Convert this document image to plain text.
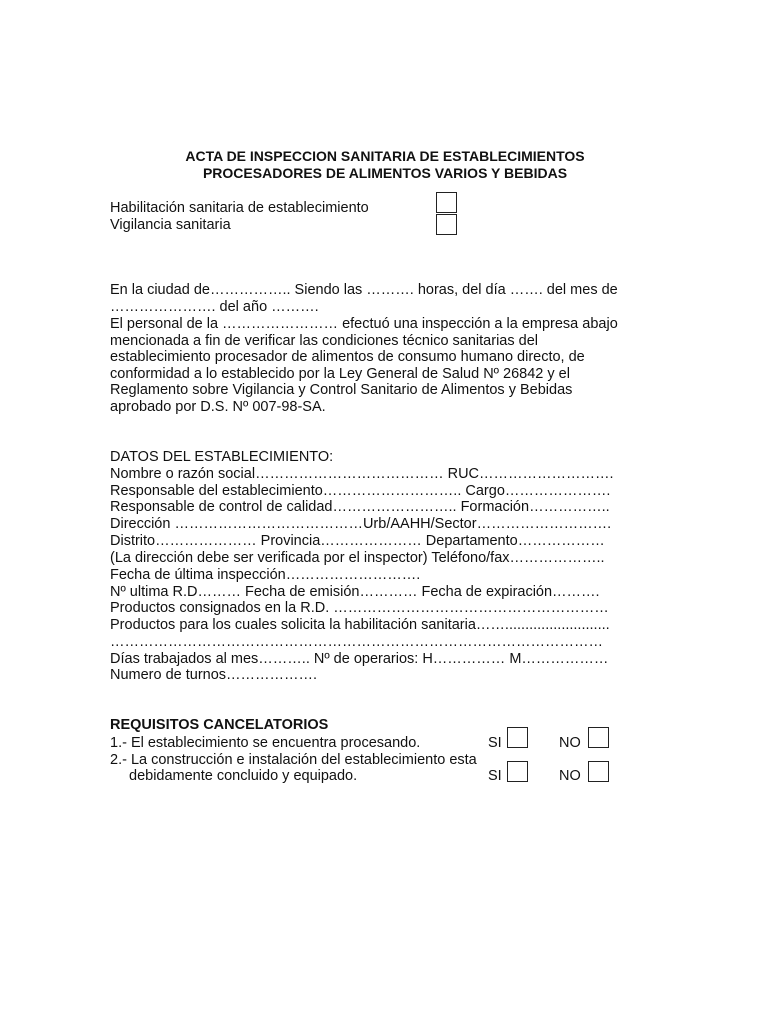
ACTA DE INSPECCION SANITARIA DE ESTABLECIMIENTOS
PROCESADORES DE ALIMENTOS VARIOS Y BEBIDAS
Habilitación sanitaria de establecimiento
Vigilancia sanitaria
En la ciudad de…………….. Siendo las ………. horas, del día ……. del mes de
…………………. del año ……….
El personal de la …………………… efectuó una inspección a la empresa abajo
mencionada a fin de verificar las condiciones técnico sanitarias del
establecimiento procesador de alimentos de consumo humano directo, de
conformidad a lo establecido por la Ley General de Salud Nº 26842 y el
Reglamento sobre Vigilancia y Control Sanitario de Alimentos y Bebidas
aprobado por D.S. Nº 007-98-SA.
DATOS DEL ESTABLECIMIENTO:
Nombre o razón social………………………………… RUC……………………….
Responsable del establecimiento……………………….. Cargo………………….
Responsable de control de calidad…………………….. Formación……………..
Dirección …………………………………Urb/AAHH/Sector……………………….
Distrito………………… Provincia………………… Departamento………………
(La dirección debe ser verificada por el inspector) Teléfono/fax………………..
Fecha de última inspección……………………….
Nº ultima R.D……… Fecha de emisión………… Fecha de expiración……….
Productos consignados en la R.D. …………………………………………………
Productos para los cuales solicita la habilitación sanitaria……..........................
…………………………………………………………………………………………
Días trabajados al mes……….. Nº de operarios: H…………… M………………
Numero de turnos……………….
REQUISITOS CANCELATORIOS
1.- El establecimiento se encuentra procesando.
2.- La construcción e instalación del establecimiento esta
debidamente concluido y equipado.
SI	NO
SI	NO
